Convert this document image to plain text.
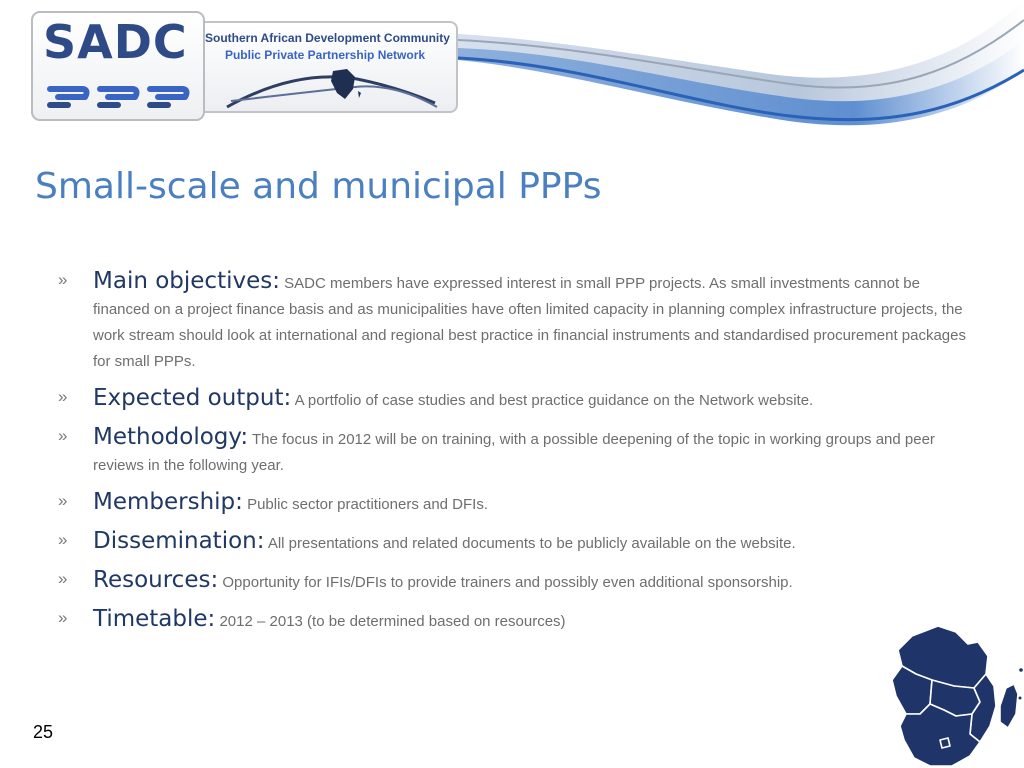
SADC Southern African Development Community
Public Private Partnership Network
Small-scale and municipal PPPs
» Main objectives: SADC members have expressed interest in small PPP projects. As small investments cannot be financed on a project finance basis and as municipalities have often limited capacity in planning complex infrastructure projects, the work stream should look at international and regional best practice in financial instruments and standardised procurement packages for small PPPs.
» Expected output: A portfolio of case studies and best practice guidance on the Network website.
» Methodology: The focus in 2012 will be on training, with a possible deepening of the topic in working groups and peer reviews in the following year.
» Membership: Public sector practitioners and DFIs.
» Dissemination: All presentations and related documents to be publicly available on the website.
» Resources: Opportunity for IFIs/DFIs to provide trainers and possibly even additional sponsorship.
» Timetable: 2012 – 2013 (to be determined based on resources)
25
